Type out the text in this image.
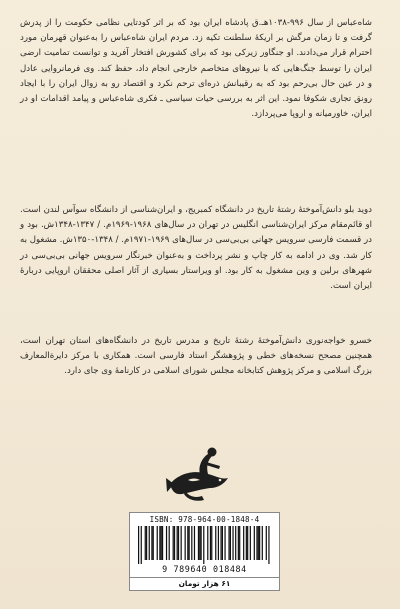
شاه‌عباس از سال ۹۹۶-۱۰۳۸هـ.ق پادشاه ایران بود که بر اثر کودتایی نظامی حکومت را از پدرش گرفت و تا زمان مرگش بر اریکهٔ سلطنت تکیه زد. مردم ایران شاه‌عباس را به‌عنوان قهرمان مورد احترام قرار می‌دادند. او جنگاور زیرکی بود که برای کشورش افتخار آفرید و توانست تمامیت ارضی ایران را توسط جنگ‌هایی که با نیروهای متخاصم خارجی انجام داد، حفظ کند. وی فرمانروایی عادل و در عین حال بی‌رحم بود که به رقیبانش ذره‌ای ترحم نکرد و اقتصاد رو به زوال ایران را با ایجاد رونق تجاری شکوفا نمود. این اثر به بررسی حیات سیاسی ـ فکری شاه‌عباس و پیامد اقدامات او در ایران، خاورمیانه و اروپا می‌پردازد.

دوید بلو دانش‌آموختهٔ رشتهٔ تاریخ در دانشگاه کمبریج، و ایران‌شناسی از دانشگاه سوآس لندن است. او قائم‌مقام مرکز ایران‌شناسی انگلیس در تهران در سال‌های ۱۹۶۸-۱۹۶۹م. / ۱۳۴۷-۱۳۴۸ش. بود و در قسمت فارسی سرویس جهانی بی‌بی‌سی در سال‌های ۱۹۶۹-۱۹۷۱م. / ۱۳۴۸-۱۳۵۰ش. مشغول به کار شد. وی در ادامه به کار چاپ و نشر پرداخت و به‌عنوان خبرنگار سرویس جهانی بی‌بی‌سی در شهرهای برلین و وین مشغول به کار بود. او ویراستار بسیاری از آثار اصلی محققان اروپایی دربارهٔ ایران است.

خسرو خواجه‌نوری دانش‌آموختهٔ رشتهٔ تاریخ و مدرس تاریخ در دانشگاه‌های استان تهران است، همچنین مصحح نسخه‌های خطی و پژوهشگر استاد فارسی است. همکاری با مرکز دایرةالمعارف بزرگ اسلامی و مرکز پژوهش کتابخانه مجلس شورای اسلامی در کارنامهٔ وی جای دارد.

ISBN: 978-964-00-1848-4
9 789640 018484
۶۱ هزار تومان
